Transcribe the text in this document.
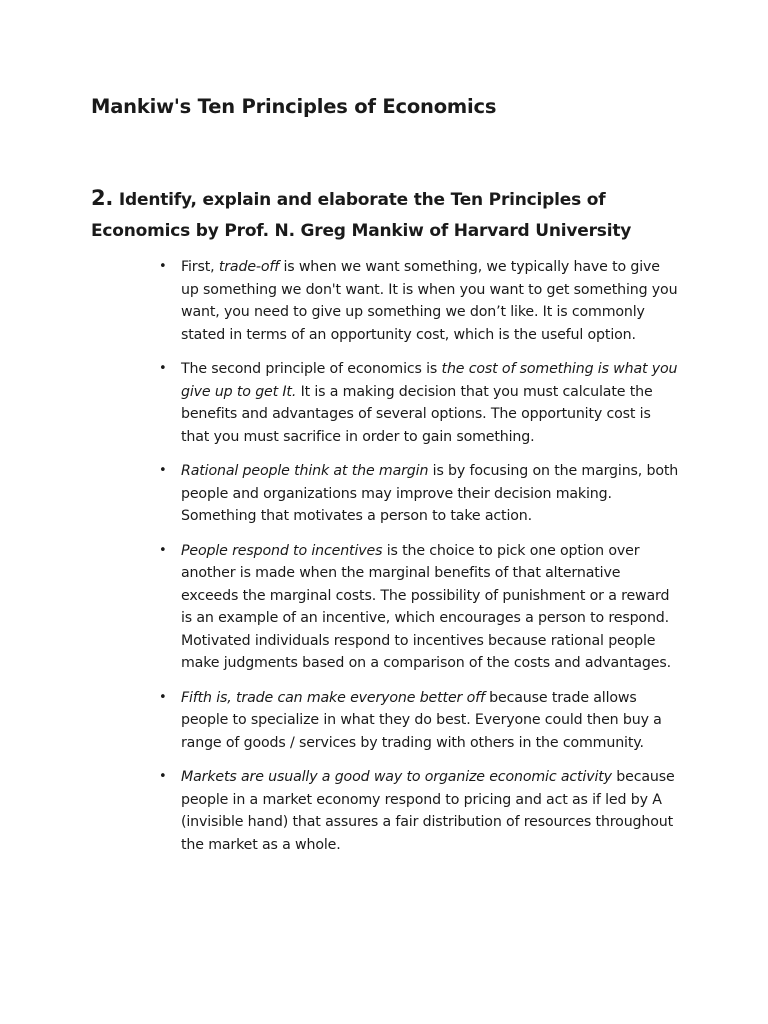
Mankiw's Ten Principles of Economics
2. Identify, explain and elaborate the Ten Principles of Economics by Prof. N. Greg Mankiw of Harvard University
• First, trade-off is when we want something, we typically have to give up something we don't want. It is when you want to get something you want, you need to give up something we don’t like. It is commonly stated in terms of an opportunity cost, which is the useful option.
• The second principle of economics is the cost of something is what you give up to get It. It is a making decision that you must calculate the benefits and advantages of several options. The opportunity cost is that you must sacrifice in order to gain something.
• Rational people think at the margin is by focusing on the margins, both people and organizations may improve their decision making. Something that motivates a person to take action.
• People respond to incentives is the choice to pick one option over another is made when the marginal benefits of that alternative exceeds the marginal costs. The possibility of punishment or a reward is an example of an incentive, which encourages a person to respond. Motivated individuals respond to incentives because rational people make judgments based on a comparison of the costs and advantages.
• Fifth is, trade can make everyone better off because trade allows people to specialize in what they do best. Everyone could then buy a range of goods / services by trading with others in the community.
• Markets are usually a good way to organize economic activity because people in a market economy respond to pricing and act as if led by A (invisible hand) that assures a fair distribution of resources throughout the market as a whole.
